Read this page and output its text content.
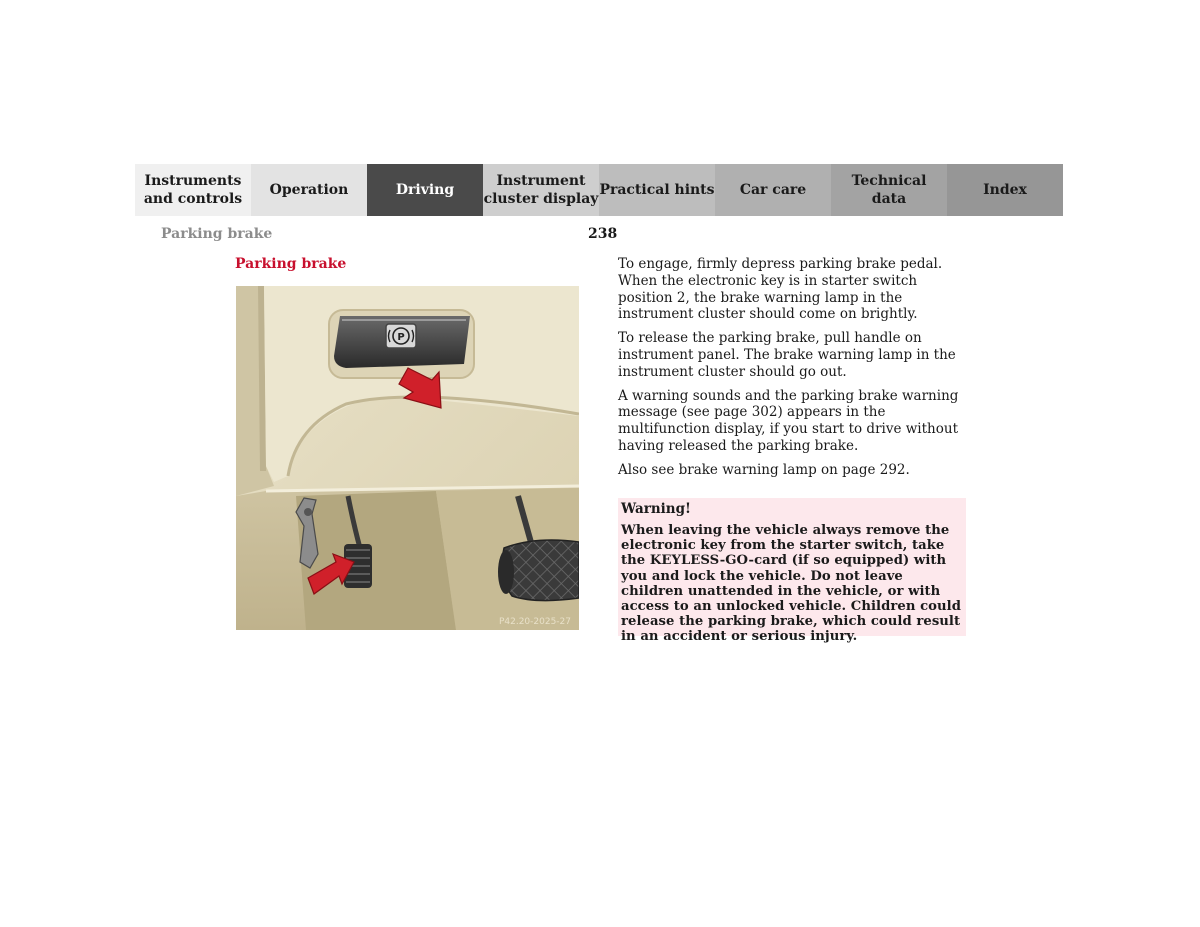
Instruments
and controls
Operation	Driving
Instrument
cluster display
Practical hints	Car care
Technical
data
Index
Parking brake	238
Parking brake
P
P42.20-2025-27

To engage, firmly depress parking brake pedal. When the electronic key is in starter switch position 2, the brake warning lamp in the instrument cluster should come on brightly.

To release the parking brake, pull handle on instrument panel. The brake warning lamp in the instrument cluster should go out.

A warning sounds and the parking brake warning message (see page 302) appears in the multifunction display, if you start to drive without having released the parking brake.

Also see brake warning lamp on page 292.

Warning!
When leaving the vehicle always remove the electronic key from the starter switch, take the KEYLESS-GO-card (if so equipped) with you and lock the vehicle. Do not leave children unattended in the vehicle, or with access to an unlocked vehicle. Children could release the parking brake, which could result in an accident or serious injury.
